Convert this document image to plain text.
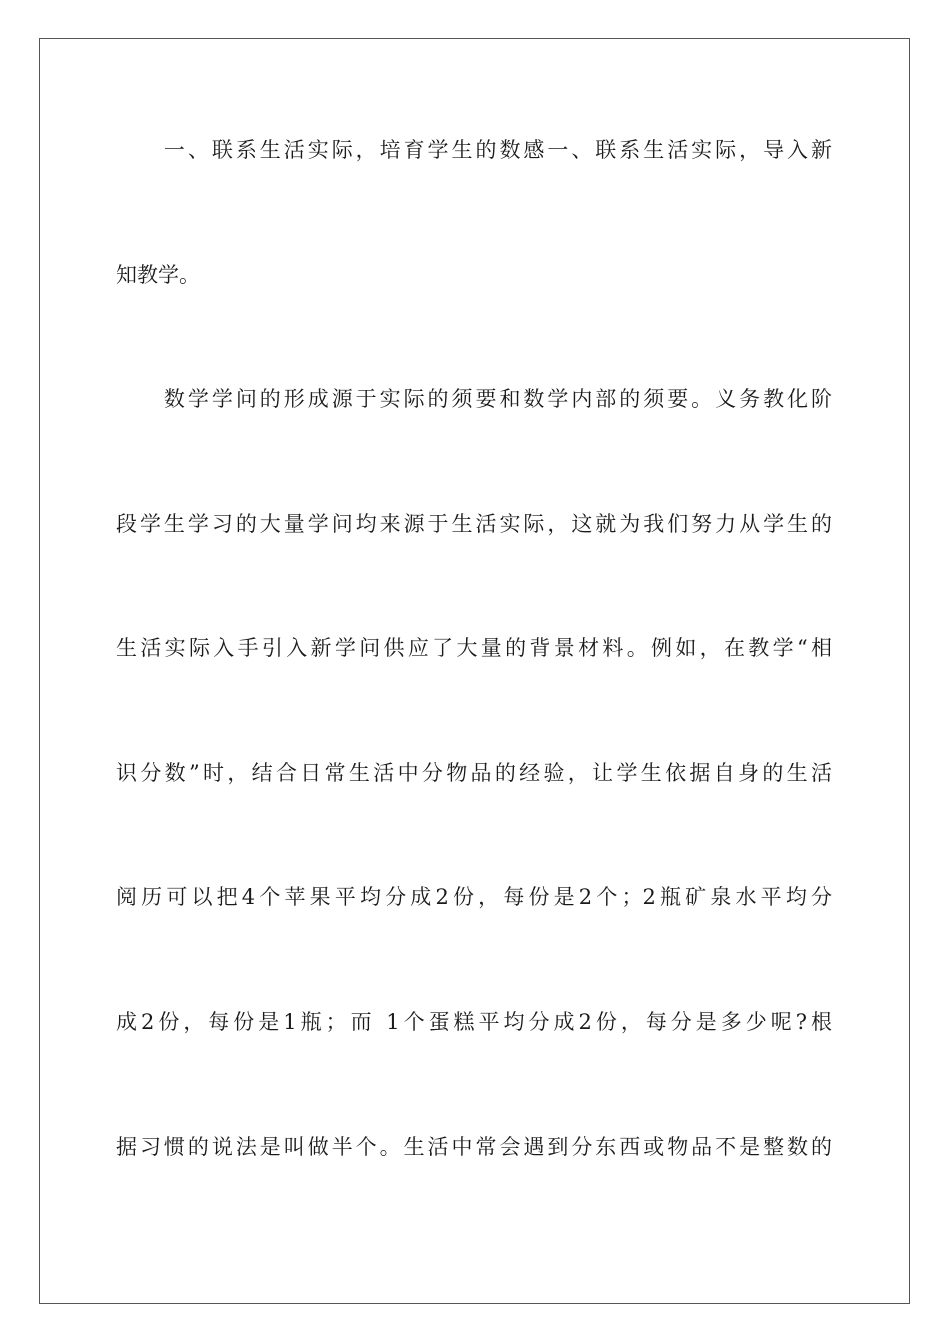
　　一、联系生活实际，培育学生的数感一、联系生活实际，导入新
知教学。
　　数学学问的形成源于实际的须要和数学内部的须要。义务教化阶
段学生学习的大量学问均来源于生活实际，这就为我们努力从学生的
生活实际入手引入新学问供应了大量的背景材料。例如，在教学“相
识分数”时，结合日常生活中分物品的经验，让学生依据自身的生活
阅历可以把4个苹果平均分成2份，每份是2个；2瓶矿泉水平均分
成2份，每份是1瓶；而 1个蛋糕平均分成2份，每分是多少呢?根
据习惯的说法是叫做半个。生活中常会遇到分东西或物品不是整数的
